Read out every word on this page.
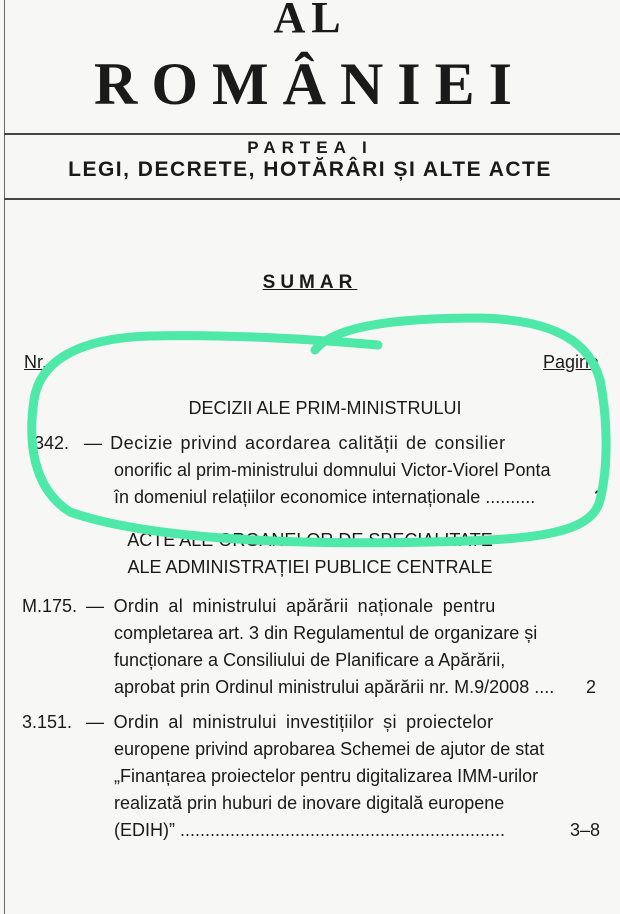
AL
ROMÂNIEI
PARTEA I
LEGI, DECRETE, HOTĂRÂRI ȘI ALTE ACTE
SUMAR
Nr.	Pagina
DECIZII ALE PRIM-MINISTRULUI
342. — Decizie privind acordarea calității de consilier
onorific al prim-ministrului domnului Victor-Viorel Ponta
în domeniul relațiilor economice internaționale ..........	2
ACTE ALE ORGANELOR DE SPECIALITATE
ALE ADMINISTRAȚIEI PUBLICE CENTRALE
M.175. — Ordin al ministrului apărării naționale pentru
completarea art. 3 din Regulamentul de organizare și
funcționare a Consiliului de Planificare a Apărării,
aprobat prin Ordinul ministrului apărării nr. M.9/2008 ....	2
3.151. — Ordin al ministrului investițiilor și proiectelor
europene privind aprobarea Schemei de ajutor de stat
„Finanțarea proiectelor pentru digitalizarea IMM-urilor
realizată prin huburi de inovare digitală europene
(EDIH)” .................................................................	3–8
